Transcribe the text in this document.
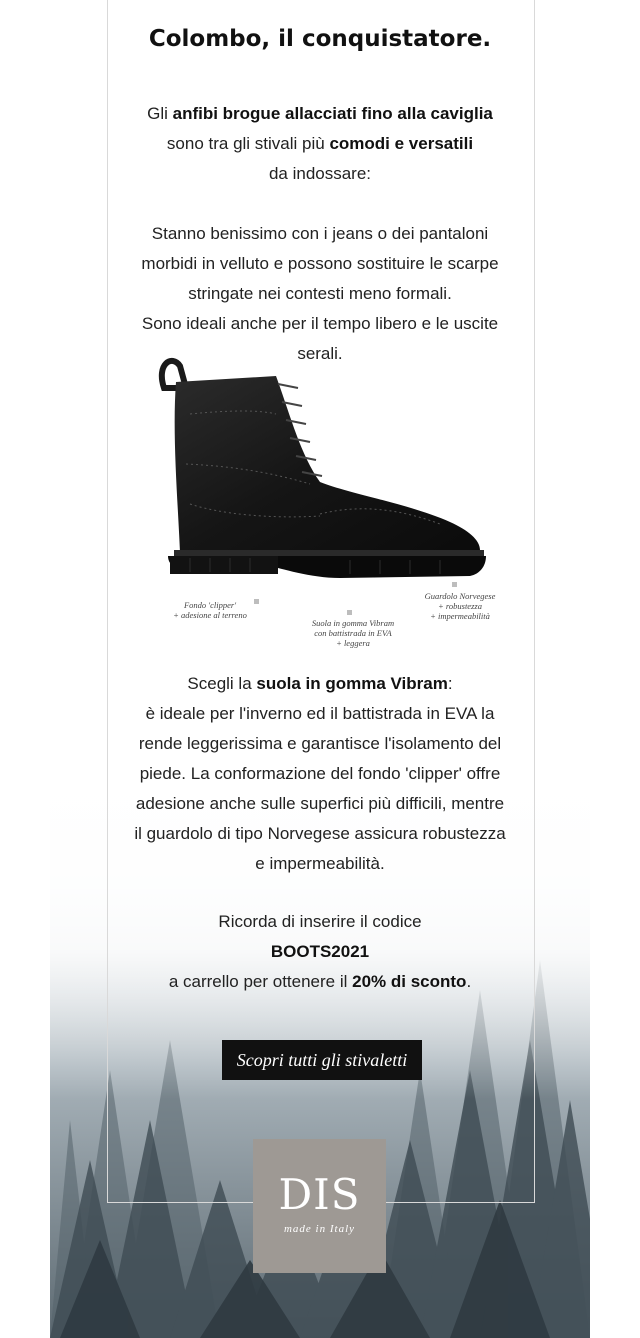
Colombo, il conquistatore.
Gli anfibi brogue allacciati fino alla caviglia
sono tra gli stivali più comodi e versatili
da indossare:
Stanno benissimo con i jeans o dei pantaloni
morbidi in velluto e possono sostituire le scarpe
stringate nei contesti meno formali.
Sono ideali anche per il tempo libero e le uscite
serali.
Fondo 'clipper'
+ adesione al terreno
Suola in gomma Vibram
con battistrada in EVA
+ leggera
Guardolo Norvegese
+ robustezza
+ impermeabilità
Scegli la suola in gomma Vibram:
è ideale per l'inverno ed il battistrada in EVA la
rende leggerissima e garantisce l'isolamento del
piede. La conformazione del fondo 'clipper' offre
adesione anche sulle superfici più difficili, mentre
il guardolo di tipo Norvegese assicura robustezza
e impermeabilità.
Ricorda di inserire il codice
BOOTS2021
a carrello per ottenere il 20% di sconto.
Scopri tutti gli stivaletti
DIS
made in Italy
